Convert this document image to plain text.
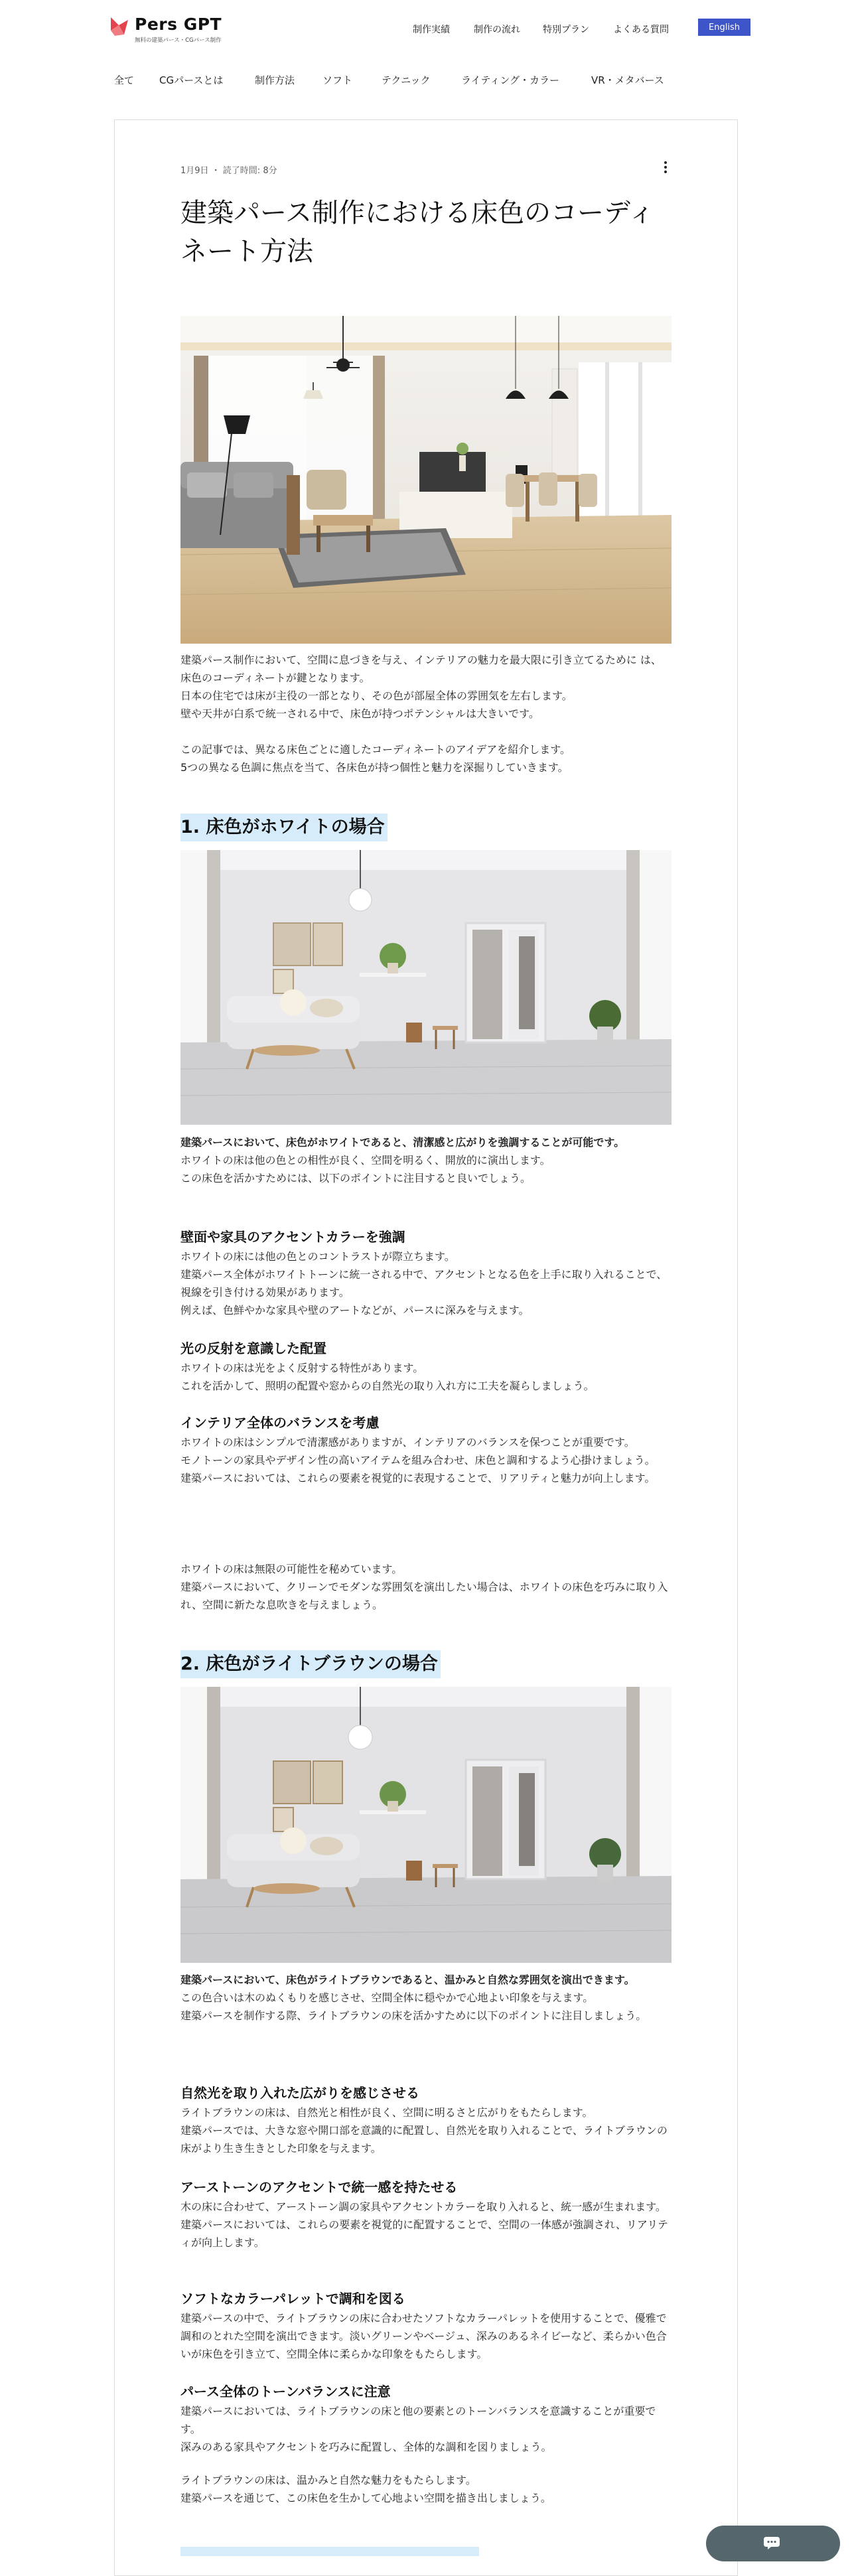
Pers GPT
無料の建築パース・CGパース制作
制作実績	制作の流れ 特別プラン	よくある質問	English
全て	CGパースとは	制作方法	ソフト	テクニック	ライティング・カラー	VR・メタバース
1月9日 ・ 読了時間: 8分
建築パース制作における床色のコーディ
ネート方法

建築パース制作において、空間に息づきを与え、インテリアの魅力を最大限に引き立てるために は、床色のコーディネートが鍵となります。

日本の住宅では床が主役の一部となり、その色が部屋全体の雰囲気を左右します。

壁や天井が白系で統一される中で、床色が持つポテンシャルは大きいです。

この記事では、異なる床色ごとに適したコーディネートのアイデアを紹介します。

5つの異なる色調に焦点を当て、各床色が持つ個性と魅力を深掘りしていきます。

1. 床色がホワイトの場合

建築パースにおいて、床色がホワイトであると、清潔感と広がりを強調することが可能です。

ホワイトの床は他の色との相性が良く、空間を明るく、開放的に演出します。

この床色を活かすためには、以下のポイントに注目すると良いでしょう。

壁面や家具のアクセントカラーを強調

ホワイトの床には他の色とのコントラストが際立ちます。

建築パース全体がホワイトトーンに統一される中で、アクセントとなる色を上手に取り入れることで、視線を引き付ける効果があります。

例えば、色鮮やかな家具や壁のアートなどが、パースに深みを与えます。

光の反射を意識した配置

ホワイトの床は光をよく反射する特性があります。

これを活かして、照明の配置や窓からの自然光の取り入れ方に工夫を凝らしましょう。

インテリア全体のバランスを考慮

ホワイトの床はシンプルで清潔感がありますが、インテリアのバランスを保つことが重要です。

モノトーンの家具やデザイン性の高いアイテムを組み合わせ、床色と調和するよう心掛けましょう。

建築パースにおいては、これらの要素を視覚的に表現することで、リアリティと魅力が向上します。

ホワイトの床は無限の可能性を秘めています。

建築パースにおいて、クリーンでモダンな雰囲気を演出したい場合は、ホワイトの床色を巧みに取り入れ、空間に新たな息吹きを与えましょう。

2. 床色がライトブラウンの場合

建築パースにおいて、床色がライトブラウンであると、温かみと自然な雰囲気を演出できます。

この色合いは木のぬくもりを感じさせ、空間全体に穏やかで心地よい印象を与えます。

建築パースを制作する際、ライトブラウンの床を活かすために以下のポイントに注目しましょう。

自然光を取り入れた広がりを感じさせる

ライトブラウンの床は、自然光と相性が良く、空間に明るさと広がりをもたらします。

建築パースでは、大きな窓や開口部を意識的に配置し、自然光を取り入れることで、ライトブラウンの床がより生き生きとした印象を与えます。

アーストーンのアクセントで統一感を持たせる

木の床に合わせて、アーストーン調の家具やアクセントカラーを取り入れると、統一感が生まれます。

建築パースにおいては、これらの要素を視覚的に配置することで、空間の一体感が強調され、リアリティが向上します。

ソフトなカラーパレットで調和を図る

建築パースの中で、ライトブラウンの床に合わせたソフトなカラーパレットを使用することで、優雅で調和のとれた空間を演出できます。淡いグリーンやベージュ、深みのあるネイビーなど、柔らかい色合いが床色を引き立て、空間全体に柔らかな印象をもたらします。

パース全体のトーンバランスに注意

建築パースにおいては、ライトブラウンの床と他の要素とのトーンバランスを意識することが重要です。

深みのある家具やアクセントを巧みに配置し、全体的な調和を図りましょう。

ライトブラウンの床は、温かみと自然な魅力をもたらします。

建築パースを通じて、この床色を生かして心地よい空間を描き出しましょう。
